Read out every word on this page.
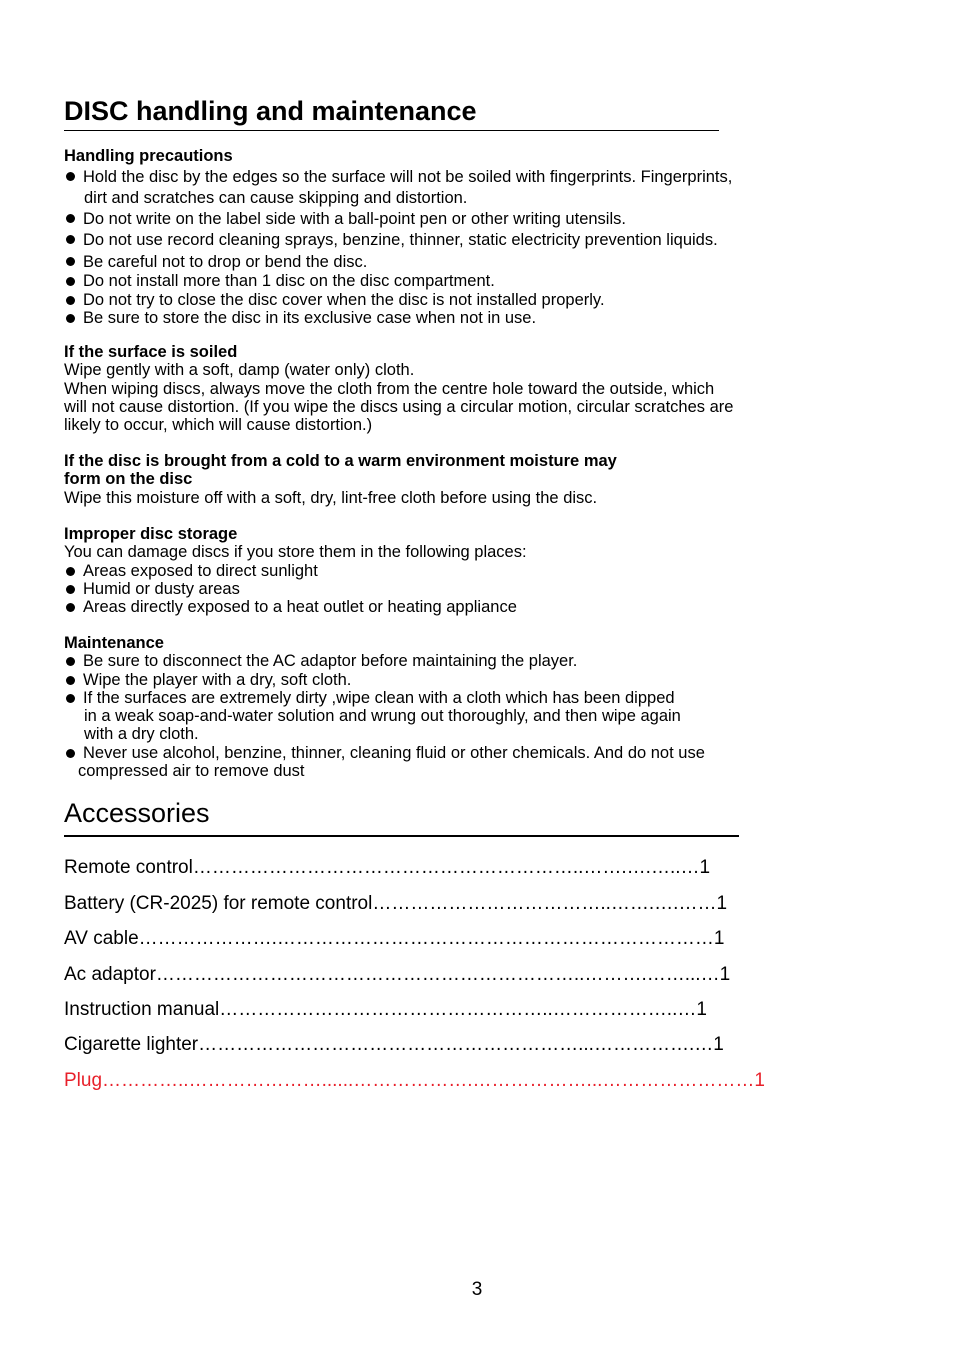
DISC handling and maintenance
Handling precautions
Hold the disc by the edges so the surface will not be soiled with fingerprints. Fingerprints,
dirt and scratches can cause skipping and distortion.
Do not write on the label side with a ball-point pen or other writing utensils.
Do not use record cleaning sprays, benzine, thinner, static electricity prevention liquids.
Be careful not to drop or bend the disc.
Do not install more than 1 disc on the disc compartment.
Do not try to close the disc cover when the disc is not installed properly.
Be sure to store the disc in its exclusive case when not in use.
If the surface is soiled
Wipe gently with a soft, damp (water only) cloth.
When wiping discs, always move the cloth from the centre hole toward the outside, which
will not cause distortion. (If you wipe the discs using a circular motion, circular scratches are
likely to occur, which will cause distortion.)
If the disc is brought from a cold to a warm environment moisture may
form on the disc
Wipe this moisture off with a soft, dry, lint-free cloth before using the disc.
Improper disc storage
You can damage discs if you store them in the following places:
Areas exposed to direct sunlight
Humid or dusty areas
Areas directly exposed to a heat outlet or heating appliance
Maintenance
Be sure to disconnect the AC adaptor before maintaining the player.
Wipe the player with a dry, soft cloth.
If the surfaces are extremely dirty ,wipe clean with a cloth which has been dipped
in a weak soap-and-water solution and wrung out thoroughly, and then wipe again
with a dry cloth.
Never use alcohol, benzine, thinner, cleaning fluid or other chemicals. And do not use
compressed air to remove dust
Accessories
Remote control……………………………………………………..…….….…..…1
Battery (CR-2025) for remote control………………………………..…….….……1
AV cable………………….……………………………………………………………1
Ac adaptor…………………………………………………………..……….……...…1
Instruction manual……………………………………………..………………..…1
Cigarette lighter……………………………………………………...…………….…1
Plug…………..…………………......……………….………………...……………………1
3
